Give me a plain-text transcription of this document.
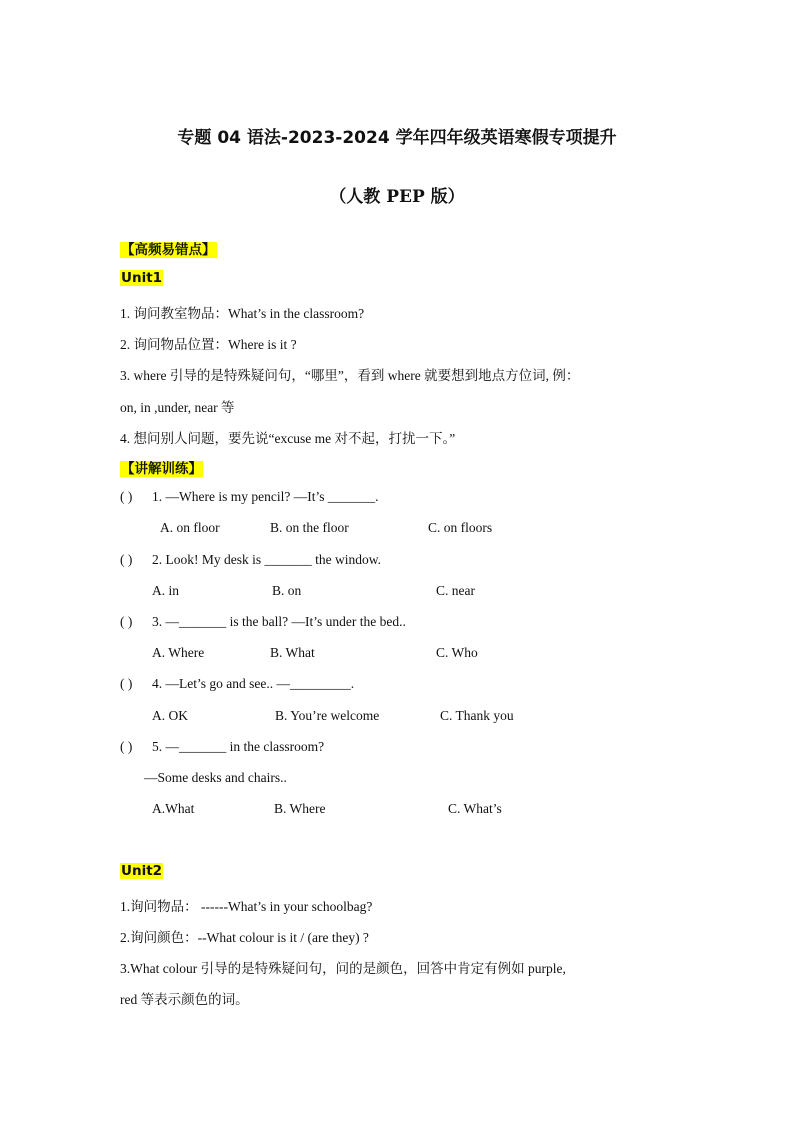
专题 04 语法-2023-2024 学年四年级英语寒假专项提升
（人教 PEP 版）
【高频易错点】
Unit1
1. 询问教室物品：What’s in the classroom?
2. 询问物品位置：Where is it ?
3. where 引导的是特殊疑问句，“哪里”，看到 where 就要想到地点方位词, 例：
on, in ,under, near 等
4. 想问别人问题，要先说“excuse me 对不起，打扰一下。”
【讲解训练】
( ) 1. —Where is my pencil? —It’s _______.
A. on floor	B. on the floor	C. on floors
( ) 2. Look! My desk is _______ the window.
A. in	B. on	C. near
( ) 3. —_______ is the ball? —It’s under the bed..
A. Where	B. What	C. Who
( ) 4. —Let’s go and see.. —_________.
A. OK	B. You’re welcome	C. Thank you
( ) 5. —_______ in the classroom?
—Some desks and chairs..
A.What	B. Where	C. What’s
Unit2
1.询问物品： ------What’s in your schoolbag?
2.询问颜色：--What colour is it / (are they) ?
3.What colour 引导的是特殊疑问句，问的是颜色，回答中肯定有例如 purple,
red 等表示颜色的词。
